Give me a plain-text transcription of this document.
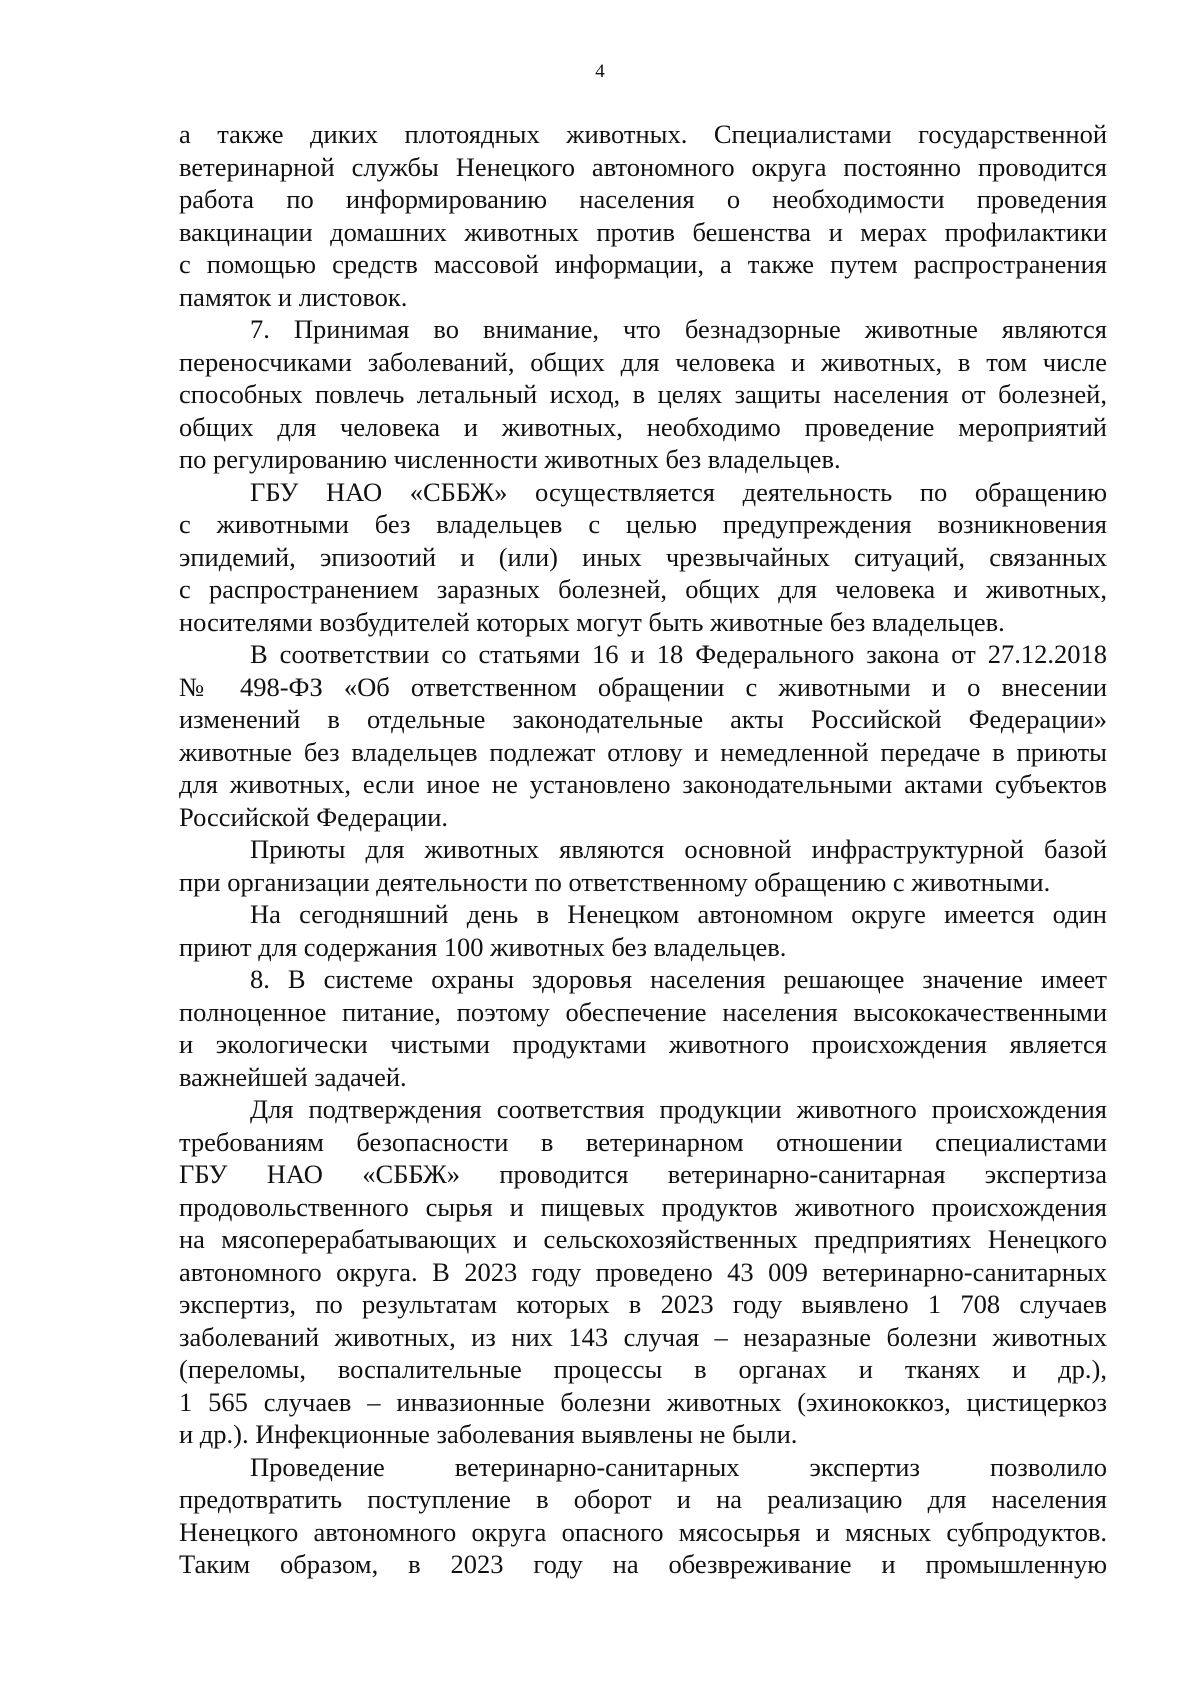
4

а также диких плотоядных животных. Специалистами государственной
ветеринарной службы Ненецкого автономного округа постоянно проводится
работа по информированию населения о необходимости проведения
вакцинации домашних животных против бешенства и мерах профилактики
с помощью средств массовой информации, а также путем распространения
памяток и листовок.

7. Принимая во внимание, что безнадзорные животные являются
переносчиками заболеваний, общих для человека и животных, в том числе
способных повлечь летальный исход, в целях защиты населения от болезней,
общих для человека и животных, необходимо проведение мероприятий
по регулированию численности животных без владельцев.

ГБУ НАО «СББЖ» осуществляется деятельность по обращению
с животными без владельцев с целью предупреждения возникновения
эпидемий, эпизоотий и (или) иных чрезвычайных ситуаций, связанных
с распространением заразных болезней, общих для человека и животных,
носителями возбудителей которых могут быть животные без владельцев.

В соответствии со статьями 16 и 18 Федерального закона от 27.12.2018
№ 498-ФЗ «Об ответственном обращении с животными и о внесении
изменений в отдельные законодательные акты Российской Федерации»
животные без владельцев подлежат отлову и немедленной передаче в приюты
для животных, если иное не установлено законодательными актами субъектов
Российской Федерации.

Приюты для животных являются основной инфраструктурной базой
при организации деятельности по ответственному обращению с животными.

На сегодняшний день в Ненецком автономном округе имеется один
приют для содержания 100 животных без владельцев.

8. В системе охраны здоровья населения решающее значение имеет
полноценное питание, поэтому обеспечение населения высококачественными
и экологически чистыми продуктами животного происхождения является
важнейшей задачей.

Для подтверждения соответствия продукции животного происхождения
требованиям безопасности в ветеринарном отношении специалистами
ГБУ НАО «СББЖ» проводится ветеринарно-санитарная экспертиза
продовольственного сырья и пищевых продуктов животного происхождения
на мясоперерабатывающих и сельскохозяйственных предприятиях Ненецкого
автономного округа. В 2023 году проведено 43 009 ветеринарно-санитарных
экспертиз, по результатам которых в 2023 году выявлено 1 708 случаев
заболеваний животных, из них 143 случая – незаразные болезни животных
(переломы, воспалительные процессы в органах и тканях и др.),
1 565 случаев – инвазионные болезни животных (эхинококкоз, цистицеркоз
и др.). Инфекционные заболевания выявлены не были.

Проведение ветеринарно-санитарных экспертиз позволило
предотвратить поступление в оборот и на реализацию для населения
Ненецкого автономного округа опасного мясосырья и мясных субпродуктов.
Таким образом, в 2023 году на обезвреживание и промышленную
